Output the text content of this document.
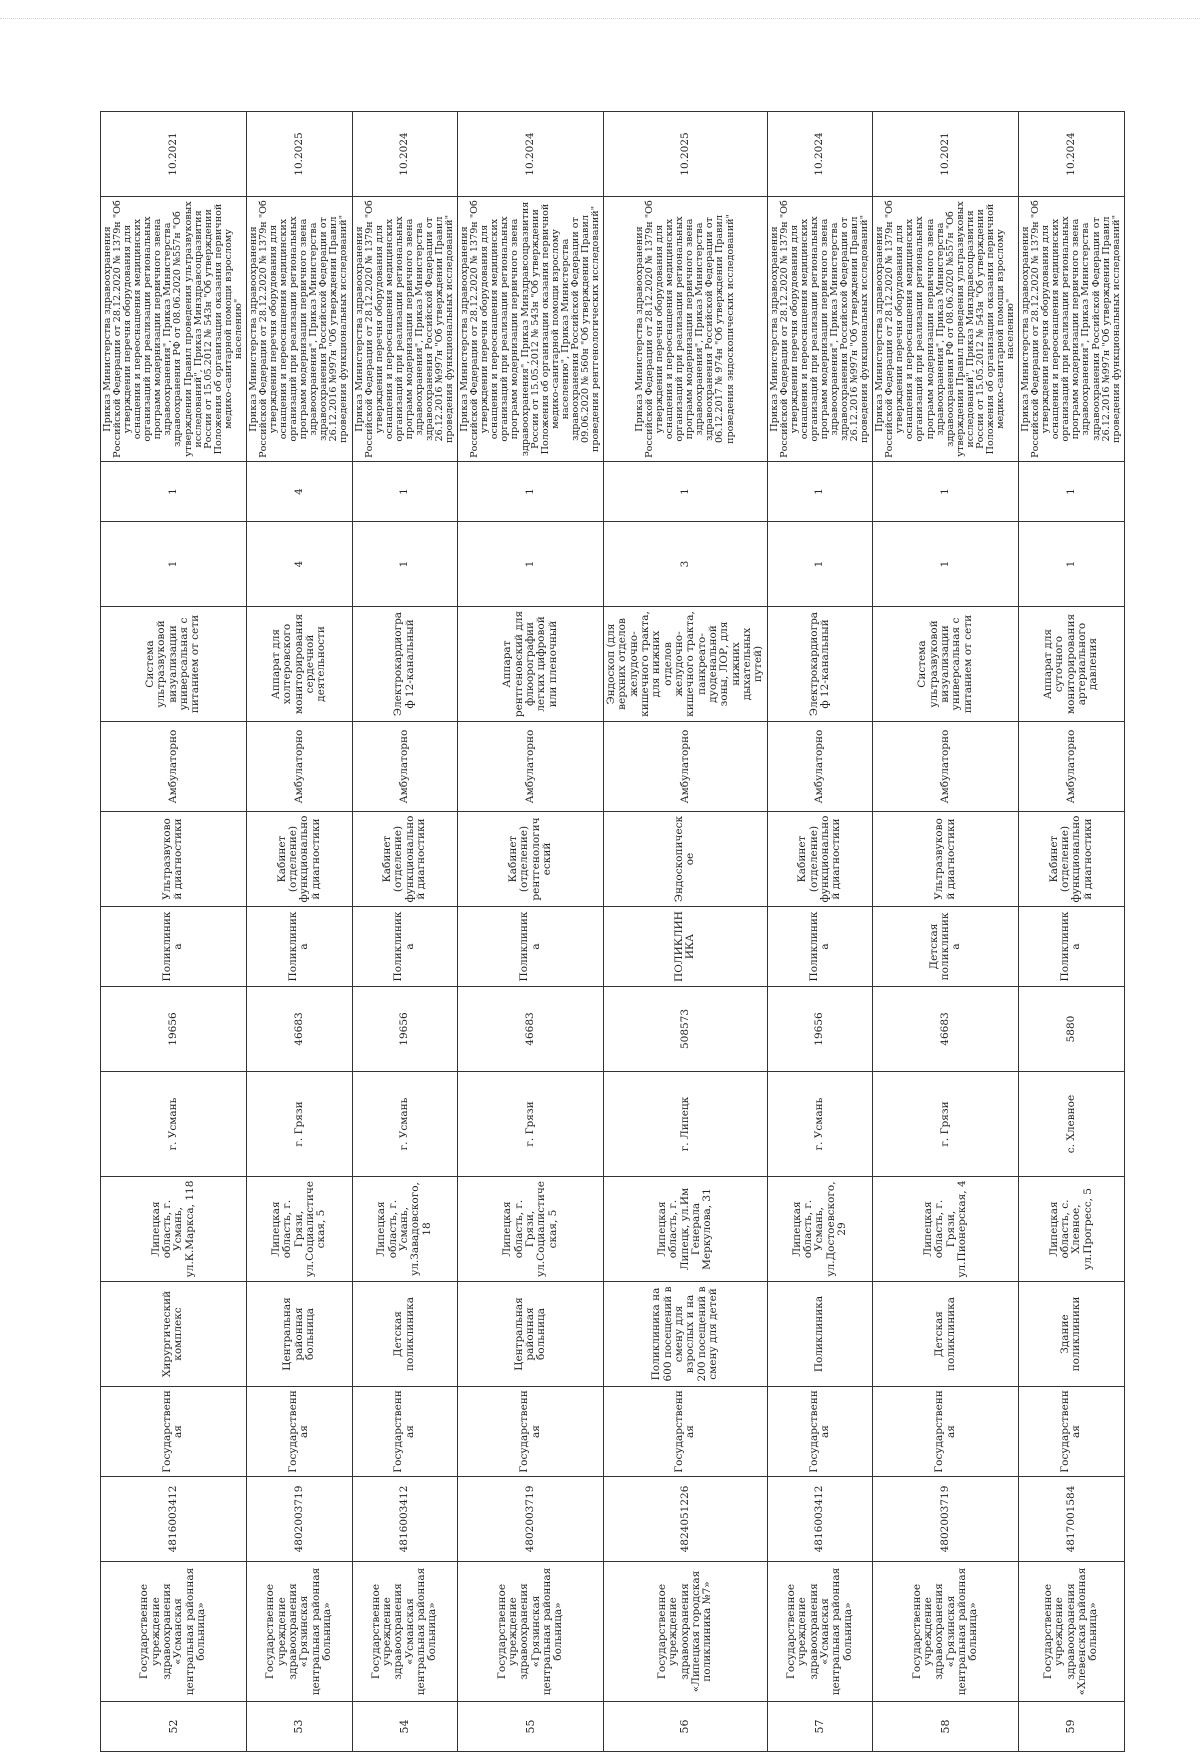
52	Государственное учреждение здравоохранения «Усманская центральная районная больница»	4816003412	Государственная	Хирургический комплекс	Липецкая область, г. Усмань, ул.К.Маркса, 118	г. Усмань	19656	Поликлиника	Ультразвуковой диагностики	Амбулаторно	Система ультразвуковой визуализации универсальная с питанием от сети	1	1	Приказ Министерства здравоохранения Российской Федерации от 28.12.2020 № 1379н "Об утверждении перечня оборудования для оснащения и переоснащения медицинских организаций при реализации региональных программ модернизации первичного звена здравоохранения", Приказ Министерства здравоохранения РФ от 08.06.2020 №557н "Об утверждении Правил проведения ультразвуковых исследований", Приказ Минздравсоцразвития России от 15.05.2012 № 543н "Об утверждении Положения об организации оказания первичной медико-санитарной помощи взрослому населению"	10.2021
53	Государственное учреждение здравоохранения «Грязинская центральная районная больница»	4802003719	Государственная	Центральная районная больница	Липецкая область, г. Грязи, ул.Социалистическая, 5	г. Грязи	46683	Поликлиника	Кабинет (отделение) функциональной диагностики	Амбулаторно	Аппарат для холтеровского мониторирования сердечной деятельности	4	4	Приказ Министерства здравоохранения Российской Федерации от 28.12.2020 № 1379н "Об утверждении перечня оборудования для оснащения и переоснащения медицинских организаций при реализации региональных программ модернизации первичного звена здравоохранения", Приказ Министерства здравоохранения Российской Федерации от 26.12.2016 №997н "Об утверждении Правил проведения функциональных исследований"	10.2025
54	Государственное учреждение здравоохранения «Усманская центральная районная больница»	4816003412	Государственная	Детская поликлиника	Липецкая область, г. Усмань, ул.Завадовского, 18	г. Усмань	19656	Поликлиника	Кабинет (отделение) функциональной диагностики	Амбулаторно	Электрокардиограф 12-канальный	1	1	Приказ Министерства здравоохранения Российской Федерации от 28.12.2020 № 1379н "Об утверждении перечня оборудования для оснащения и переоснащения медицинских организаций при реализации региональных программ модернизации первичного звена здравоохранения", Приказ Министерства здравоохранения Российской Федерации от 26.12.2016 №997н "Об утверждении Правил проведения функциональных исследований"	10.2024
55	Государственное учреждение здравоохранения «Грязинская центральная районная больница»	4802003719	Государственная	Центральная районная больница	Липецкая область, г. Грязи, ул.Социалистическая, 5	г. Грязи	46683	Поликлиника	Кабинет (отделение) рентгенологический	Амбулаторно	Аппарат рентгеновский для флюорографии легких цифровой или пленочный	1	1	Приказ Министерства здравоохранения Российской Федерации от 28.12.2020 № 1379н "Об утверждении перечня оборудования для оснащения и переоснащения медицинских организаций при реализации региональных программ модернизации первичного звена здравоохранения", Приказ Минздравсоцразвития России от 15.05.2012 № 543н "Об утверждении Положения об организации оказания первичной медико-санитарной помощи взрослому населению", Приказ Министерства здравоохранения Российской Федерации от 09.06.2020 № 560н "Об утверждении Правил проведения рентгенологических исследований"	10.2024
56	Государственное учреждение здравоохранения «Липецкая городская поликлиника №7»	4824051226	Государственная	Поликлиника на 600 посещений в смену для взрослых и на 200 посещений в смену для детей	Липецкая область, г. Липецк, ул.Им Генерала Меркулова, 31	г. Липецк	508573	ПОЛИКЛИНИКА	Эндоскопическое	Амбулаторно	Эндоскоп (для верхних отделов желудочно-кишечного тракта, для нижних отделов желудочно-кишечного тракта, панкреато-дуоденальной зоны, ЛОР, для нижних дыхательных путей)	3	1	Приказ Министерства здравоохранения Российской Федерации от 28.12.2020 № 1379н "Об утверждении перечня оборудования для оснащения и переоснащения медицинских организаций при реализации региональных программ модернизации первичного звена здравоохранения", Приказ Министерства здравоохранения Российской Федерации от 06.12.2017 № 974н "Об утверждении Правил проведения эндоскопических исследований"	10.2025
57	Государственное учреждение здравоохранения «Усманская центральная районная больница»	4816003412	Государственная	Поликлиника	Липецкая область, г. Усмань, ул.Достоевского, 29	г. Усмань	19656	Поликлиника	Кабинет (отделение) функциональной диагностики	Амбулаторно	Электрокардиограф 12-канальный	1	1	Приказ Министерства здравоохранения Российской Федерации от 28.12.2020 № 1379н "Об утверждении перечня оборудования для оснащения и переоснащения медицинских организаций при реализации региональных программ модернизации первичного звена здравоохранения", Приказ Министерства здравоохранения Российской Федерации от 26.12.2016 №997н "Об утверждении Правил проведения функциональных исследований"	10.2024
58	Государственное учреждение здравоохранения «Грязинская центральная районная больница»	4802003719	Государственная	Детская поликлиника	Липецкая область, г. Грязи, ул.Пионерская, 4	г. Грязи	46683	Детская поликлиника	Ультразвуковой диагностики	Амбулаторно	Система ультразвуковой визуализации универсальная с питанием от сети	1	1	Приказ Министерства здравоохранения Российской Федерации от 28.12.2020 № 1379н "Об утверждении перечня оборудования для оснащения и переоснащения медицинских организаций при реализации региональных программ модернизации первичного звена здравоохранения", Приказ Министерства здравоохранения РФ от 08.06.2020 №557н "Об утверждении Правил проведения ультразвуковых исследований", Приказ Минздравсоцразвития России от 15.05.2012 № 543н "Об утверждении Положения об организации оказания первичной медико-санитарной помощи взрослому населению"	10.2021
59	Государственное учреждение здравоохранения «Хлевенская районная больница»	4817001584	Государственная	Здание поликлиники	Липецкая область, с. Хлевное, ул.Прогресс, 5	с. Хлевное	5880	Поликлиника	Кабинет (отделение) функциональной диагностики	Амбулаторно	Аппарат для суточного мониторирования артериального давления	1	1	Приказ Министерства здравоохранения Российской Федерации от 28.12.2020 № 1379н "Об утверждении перечня оборудования для оснащения и переоснащения медицинских организаций при реализации региональных программ модернизации первичного звена здравоохранения", Приказ Министерства здравоохранения Российской Федерации от 26.12.2016 №997н "Об утверждении Правил проведения функциональных исследований"	10.2024
